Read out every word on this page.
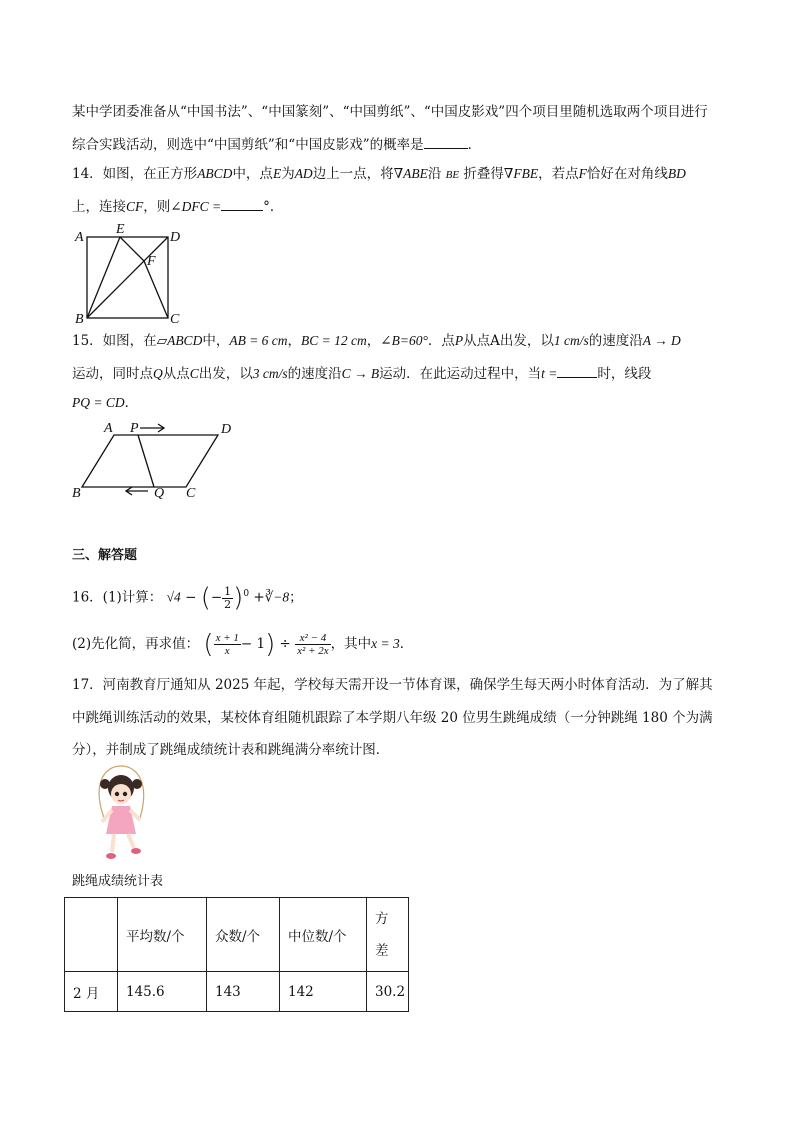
某中学团委准备从“中国书法”、“中国篆刻”、“中国剪纸”、“中国皮影戏”四个项目里随机选取两个项目进行
综合实践活动，则选中“中国剪纸”和“中国皮影戏”的概率是	．
14．如图，在正方形ABCD中，点E为AD边上一点，将∇ABE沿 BE 折叠得∇FBE，若点F恰好在对角线BD
上，连接CF，则∠DFC =	°．
A
E
D
F
B	C
15．如图，在▱ABCD中，AB = 6 cm，BC = 12 cm，∠B=60°．点P从点A出发，以1 cm/s的速度沿A → D
运动，同时点Q从点C出发，以3 cm/s的速度沿C → B运动．在此运动过程中，当t =	时，线段
PQ = CD．
A P	D
B	Q C
三、解答题
16．(1)计算： √4 − (− $\frac{1}{2} )^0$ +∛−8；
(2)先化简，再求值： ( $\frac{x + 1}{x} - 1) \div \frac{\text{x² − 4}}{\text{x² + 2x}}$ ，其中x = 3．
17．河南教育厅通知从 2025 年起，学校每天需开设一节体育课，确保学生每天两小时体育活动．为了解其
中跳绳训练活动的效果，某校体育组随机跟踪了本学期八年级 20 位男生跳绳成绩（一分钟跳绳 180 个为满
分），并制成了跳绳成绩统计表和跳绳满分率统计图．
跳绳成绩统计表
	平均数/个	众数/个	中位数/个	方
差

2 月	145.6	143	142	30.2
